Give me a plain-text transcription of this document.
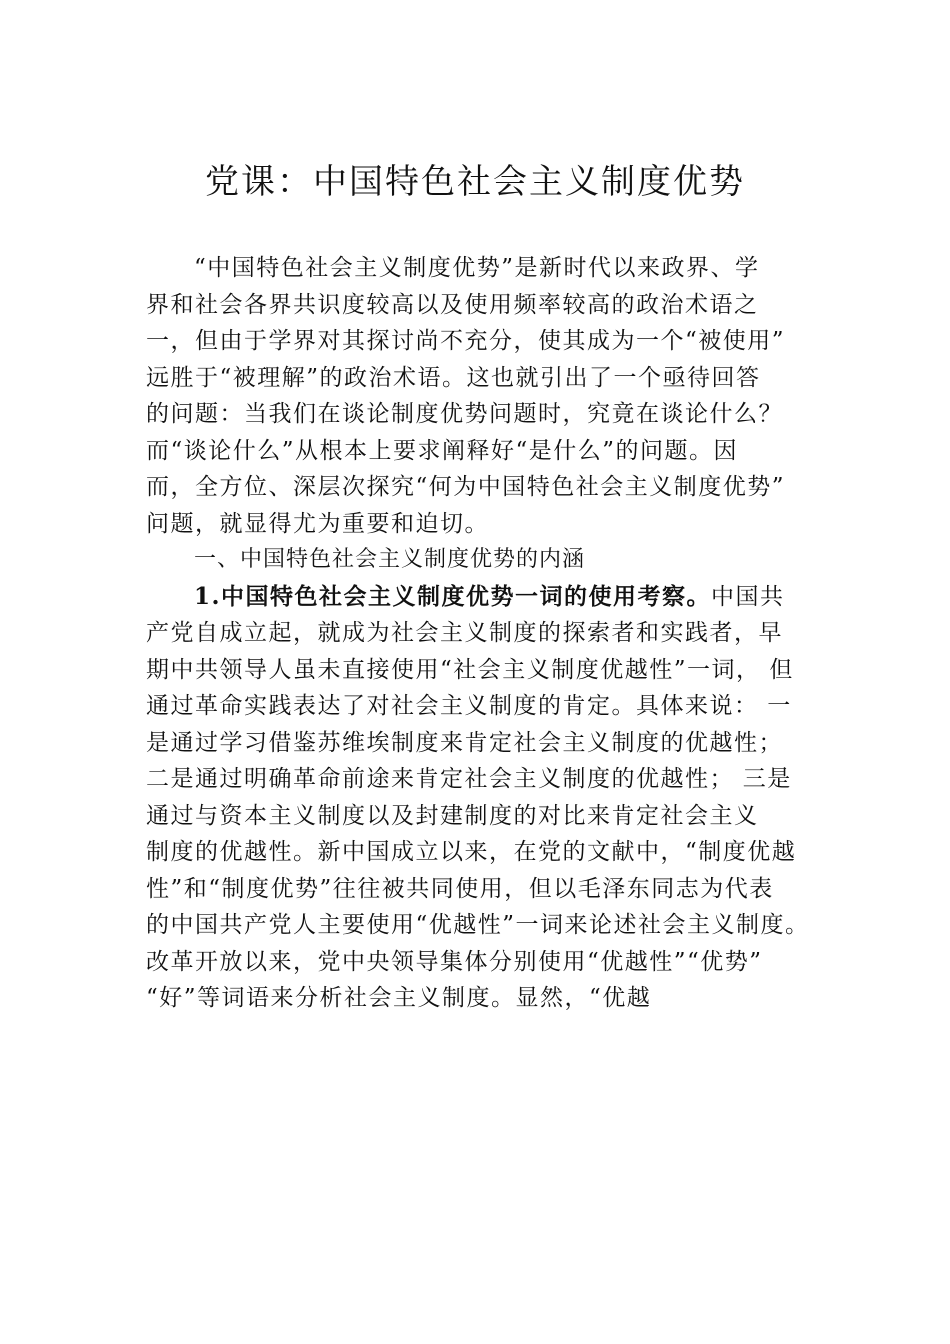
党课：中国特色社会主义制度优势
“中国特色社会主义制度优势”是新时代以来政界、学
界和社会各界共识度较高以及使用频率较高的政治术语之
一，但由于学界对其探讨尚不充分，使其成为一个“被使用”
远胜于“被理解”的政治术语。这也就引出了一个亟待回答
的问题：当我们在谈论制度优势问题时，究竟在谈论什么？
而“谈论什么”从根本上要求阐释好“是什么”的问题。因
而，全方位、深层次探究“何为中国特色社会主义制度优势”
问题，就显得尤为重要和迫切。
一、中国特色社会主义制度优势的内涵
1.中国特色社会主义制度优势一词的使用考察。中国共
产党自成立起，就成为社会主义制度的探索者和实践者，早
期中共领导人虽未直接使用“社会主义制度优越性”一词， 但
通过革命实践表达了对社会主义制度的肯定。具体来说： 一
是通过学习借鉴苏维埃制度来肯定社会主义制度的优越性；
二是通过明确革命前途来肯定社会主义制度的优越性； 三是
通过与资本主义制度以及封建制度的对比来肯定社会主义
制度的优越性。新中国成立以来，在党的文献中，“制度优越
性”和“制度优势”往往被共同使用，但以毛泽东同志为代表
的中国共产党人主要使用“优越性”一词来论述社会主义制度。
改革开放以来，党中央领导集体分别使用“优越性”“优势”
“好”等词语来分析社会主义制度。显然，“优越
